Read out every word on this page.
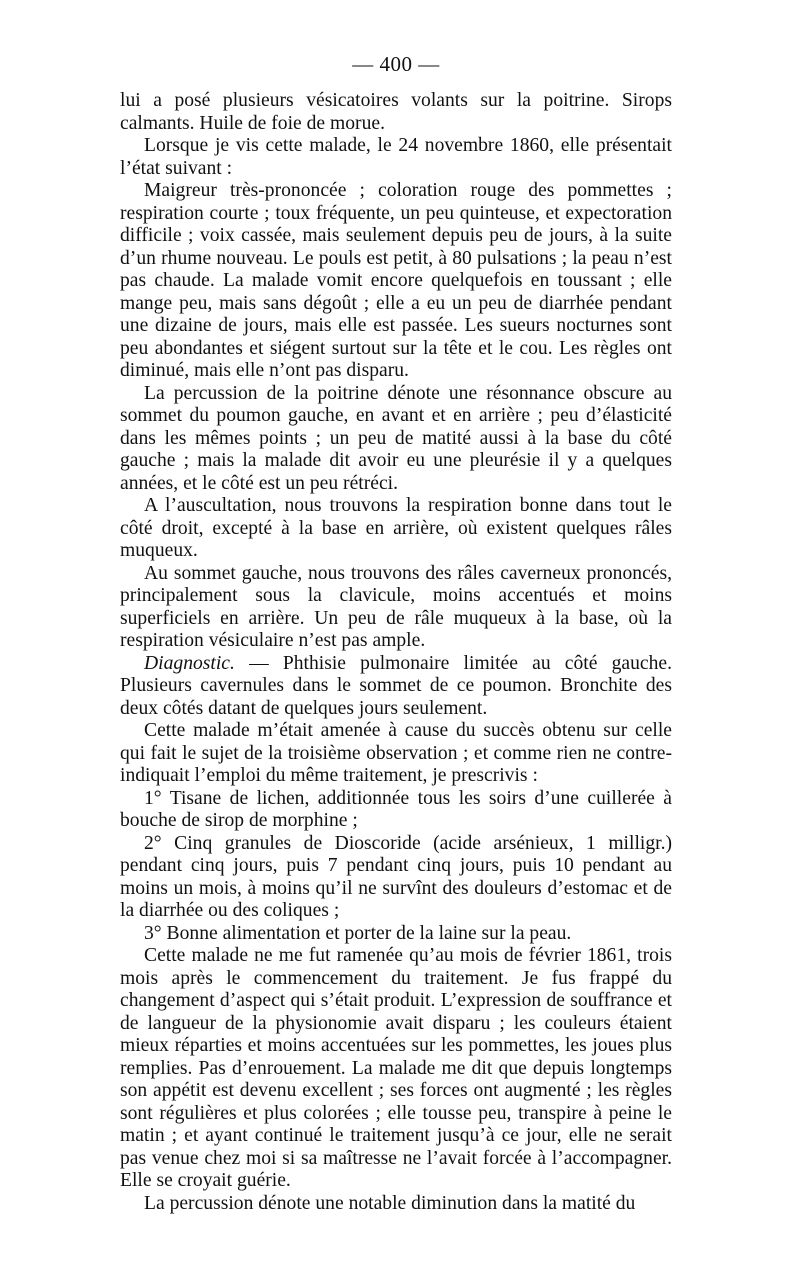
— 400 —

lui a posé plusieurs vésicatoires volants sur la poitrine. Sirops calmants. Huile de foie de morue.

Lorsque je vis cette malade, le 24 novembre 1860, elle présentait l’état suivant :

Maigreur très-prononcée ; coloration rouge des pommettes ; respiration courte ; toux fréquente, un peu quinteuse, et expectoration difficile ; voix cassée, mais seulement depuis peu de jours, à la suite d’un rhume nouveau. Le pouls est petit, à 80 pulsations ; la peau n’est pas chaude. La malade vomit encore quelquefois en toussant ; elle mange peu, mais sans dégoût ; elle a eu un peu de diarrhée pendant une dizaine de jours, mais elle est passée. Les sueurs nocturnes sont peu abondantes et siégent surtout sur la tête et le cou. Les règles ont diminué, mais elle n’ont pas disparu.

La percussion de la poitrine dénote une résonnance obscure au sommet du poumon gauche, en avant et en arrière ; peu d’élasticité dans les mêmes points ; un peu de matité aussi à la base du côté gauche ; mais la malade dit avoir eu une pleurésie il y a quelques années, et le côté est un peu rétréci.

A l’auscultation, nous trouvons la respiration bonne dans tout le côté droit, excepté à la base en arrière, où existent quelques râles muqueux.

Au sommet gauche, nous trouvons des râles caverneux prononcés, principalement sous la clavicule, moins accentués et moins superficiels en arrière. Un peu de râle muqueux à la base, où la respiration vésiculaire n’est pas ample.

Diagnostic. — Phthisie pulmonaire limitée au côté gauche. Plusieurs cavernules dans le sommet de ce poumon. Bronchite des deux côtés datant de quelques jours seulement.

Cette malade m’était amenée à cause du succès obtenu sur celle qui fait le sujet de la troisième observation ; et comme rien ne contre-indiquait l’emploi du même traitement, je prescrivis :

1° Tisane de lichen, additionnée tous les soirs d’une cuillerée à bouche de sirop de morphine ;

2° Cinq granules de Dioscoride (acide arsénieux, 1 milligr.) pendant cinq jours, puis 7 pendant cinq jours, puis 10 pendant au moins un mois, à moins qu’il ne survînt des douleurs d’estomac et de la diarrhée ou des coliques ;

3° Bonne alimentation et porter de la laine sur la peau.

Cette malade ne me fut ramenée qu’au mois de février 1861, trois mois après le commencement du traitement. Je fus frappé du changement d’aspect qui s’était produit. L’expression de souffrance et de langueur de la physionomie avait disparu ; les couleurs étaient mieux réparties et moins accentuées sur les pommettes, les joues plus remplies. Pas d’enrouement. La malade me dit que depuis longtemps son appétit est devenu excellent ; ses forces ont augmenté ; les règles sont régulières et plus colorées ; elle tousse peu, transpire à peine le matin ; et ayant continué le traitement jusqu’à ce jour, elle ne serait pas venue chez moi si sa maîtresse ne l’avait forcée à l’accompagner. Elle se croyait guérie.

La percussion dénote une notable diminution dans la matité du
